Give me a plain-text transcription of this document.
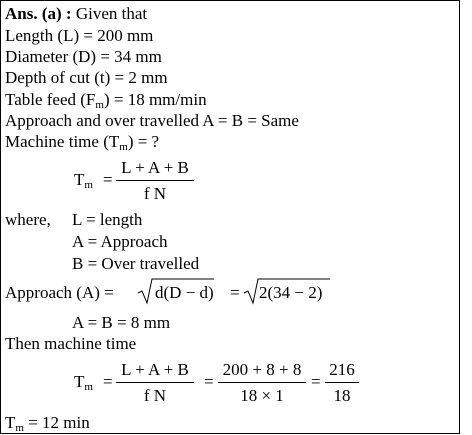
Ans. (a) : Given that
Length (L) = 200 mm
Diameter (D) = 34 mm
Depth of cut (t) = 2 mm
Table feed $(F_m) = 18$ mm/min
Approach and over travelled A = B = Same
Machine time $(T_m)$ = ?
$T_m$ =
L + A + B
f N
where, L = length
A = Approach
B = Over travelled
Approach (A) = d(D − d) = 2(34 − 2)
A = B = 8 mm
Then machine time
$T_m$ =
L + A + B
f N
=
200 + 8 + 8
18 × 1
=
216
18
$T_m = 12$ min
